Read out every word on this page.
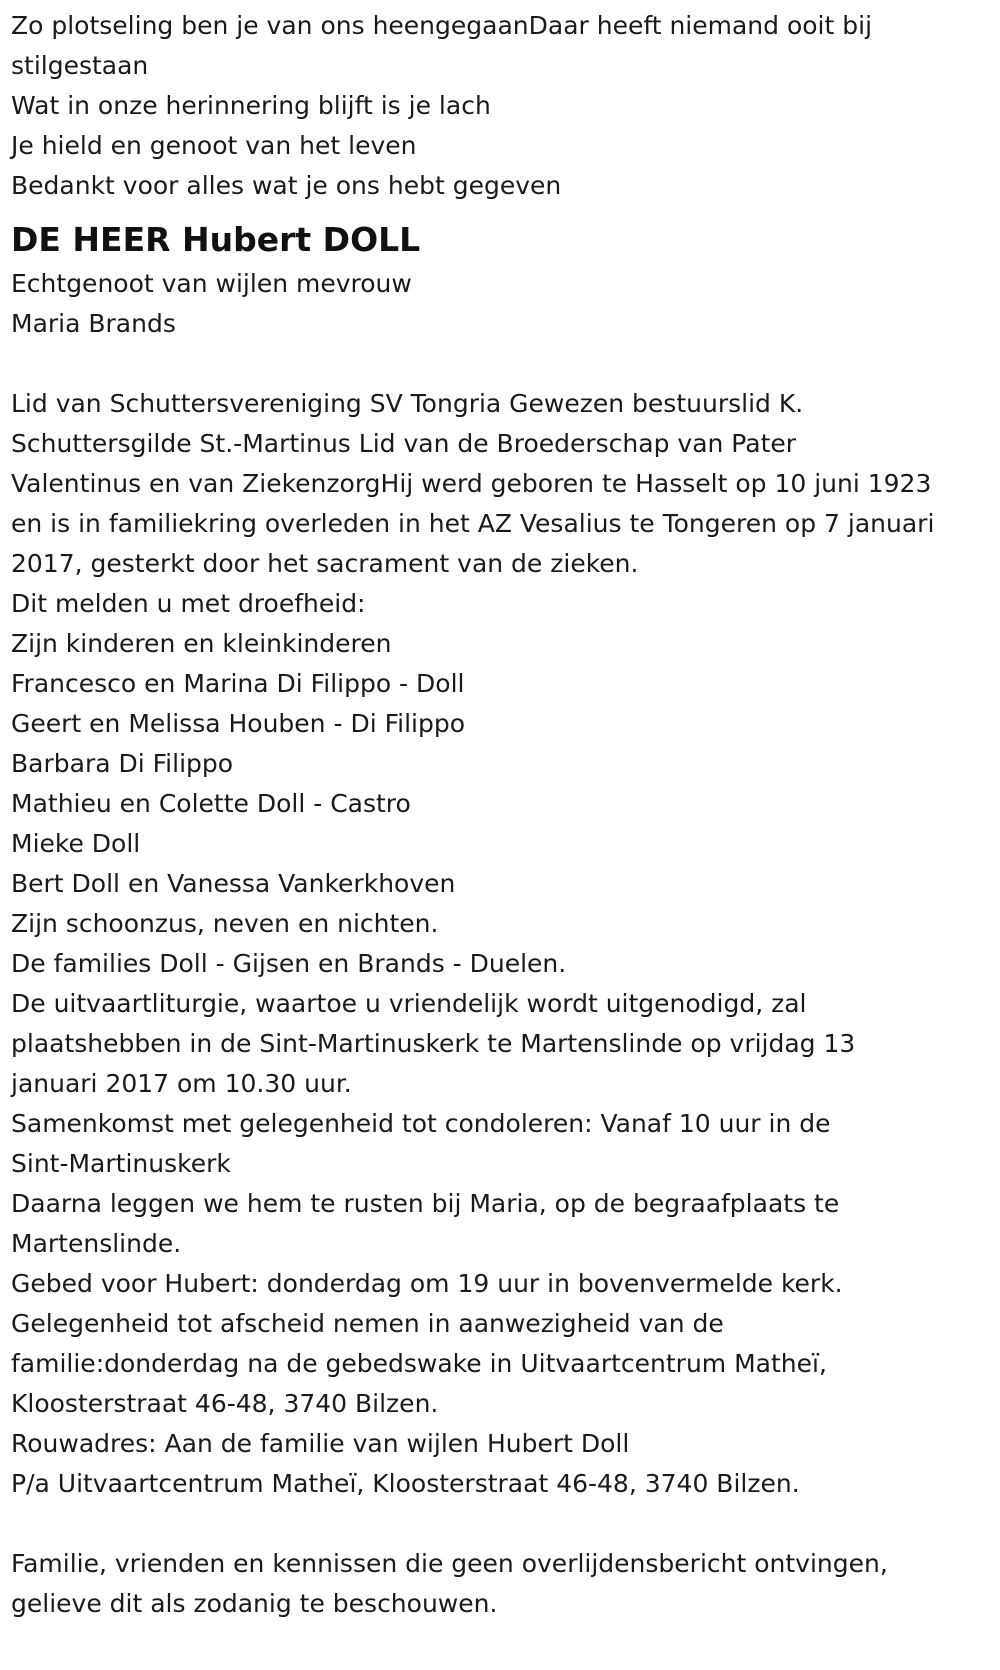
Zo plotseling ben je van ons heengegaanDaar heeft niemand ooit bij
stilgestaan
Wat in onze herinnering blijft is je lach
Je hield en genoot van het leven
Bedankt voor alles wat je ons hebt gegeven
DE HEER Hubert DOLL
Echtgenoot van wijlen mevrouw
Maria Brands
Lid van Schuttersvereniging SV Tongria Gewezen bestuurslid K.
Schuttersgilde St.-Martinus Lid van de Broederschap van Pater
Valentinus en van ZiekenzorgHij werd geboren te Hasselt op 10 juni 1923
en is in familiekring overleden in het AZ Vesalius te Tongeren op 7 januari
2017, gesterkt door het sacrament van de zieken.
Dit melden u met droefheid:
Zijn kinderen en kleinkinderen
Francesco en Marina Di Filippo - Doll
Geert en Melissa Houben - Di Filippo
Barbara Di Filippo
Mathieu en Colette Doll - Castro
Mieke Doll
Bert Doll en Vanessa Vankerkhoven
Zijn schoonzus, neven en nichten.
De families Doll - Gijsen en Brands - Duelen.
De uitvaartliturgie, waartoe u vriendelijk wordt uitgenodigd, zal
plaatshebben in de Sint-Martinuskerk te Martenslinde op vrijdag 13
januari 2017 om 10.30 uur.
Samenkomst met gelegenheid tot condoleren: Vanaf 10 uur in de
Sint-Martinuskerk
Daarna leggen we hem te rusten bij Maria, op de begraafplaats te
Martenslinde.
Gebed voor Hubert: donderdag om 19 uur in bovenvermelde kerk.
Gelegenheid tot afscheid nemen in aanwezigheid van de
familie:donderdag na de gebedswake in Uitvaartcentrum Matheï,
Kloosterstraat 46-48, 3740 Bilzen.
Rouwadres: Aan de familie van wijlen Hubert Doll
P/a Uitvaartcentrum Matheï, Kloosterstraat 46-48, 3740 Bilzen.
Familie, vrienden en kennissen die geen overlijdensbericht ontvingen,
gelieve dit als zodanig te beschouwen.
